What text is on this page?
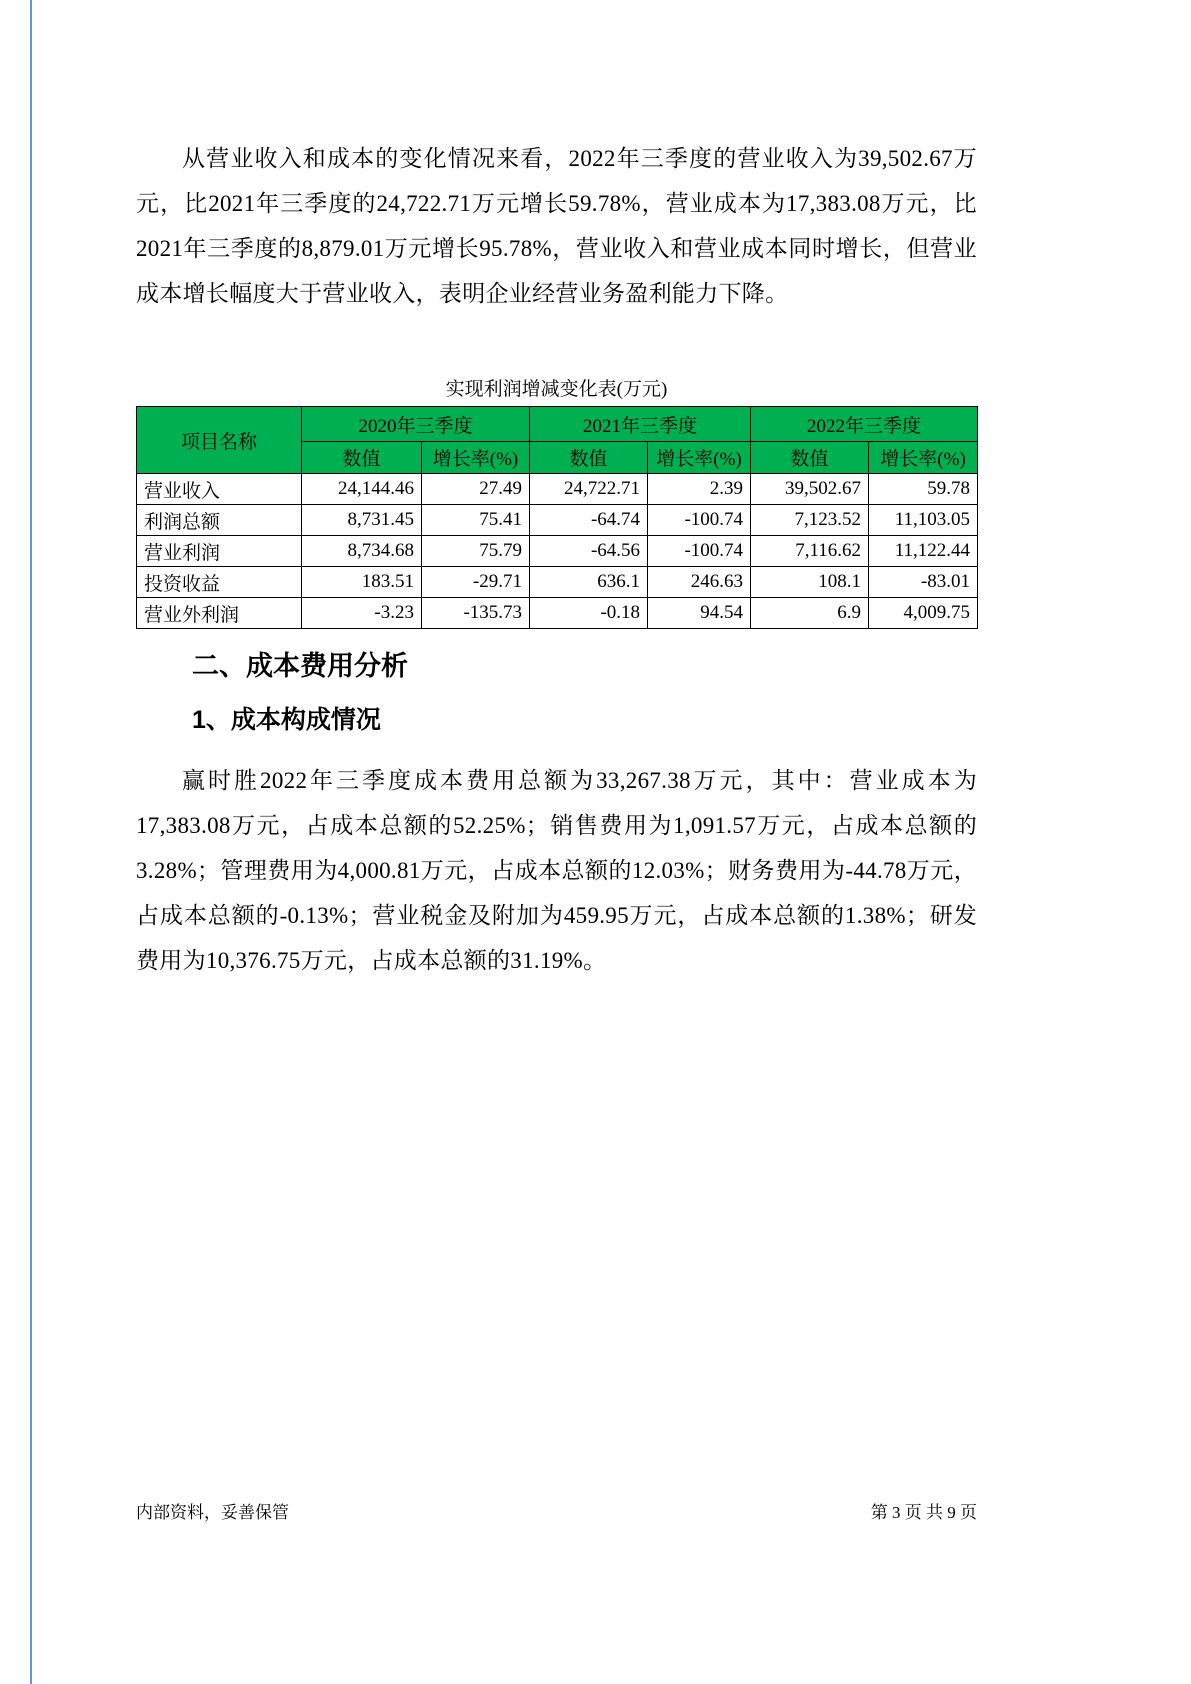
从营业收入和成本的变化情况来看，2022年三季度的营业收入为39,502.67万元，比2021年三季度的24,722.71万元增长59.78%，营业成本为17,383.08万元，比2021年三季度的8,879.01万元增长95.78%，营业收入和营业成本同时增长，但营业成本增长幅度大于营业收入，表明企业经营业务盈利能力下降。

实现利润增减变化表(万元)
项目名称	2020年三季度		2021年三季度		2022年三季度	
	数值	增长率(%)	数值	增长率(%)	数值	增长率(%)
营业收入	24,144.46	27.49	24,722.71	2.39	39,502.67	59.78
利润总额	8,731.45	75.41	-64.74	-100.74	7,123.52	11,103.05
营业利润	8,734.68	75.79	-64.56	-100.74	7,116.62	11,122.44
投资收益	183.51	-29.71	636.1	246.63	108.1	-83.01
营业外利润	-3.23	-135.73	-0.18	94.54	6.9	4,009.75
二、成本费用分析
1、成本构成情况

赢时胜2022年三季度成本费用总额为33,267.38万元，其中：营业成本为17,383.08万元，占成本总额的52.25%；销售费用为1,091.57万元，占成本总额的3.28%；管理费用为4,000.81万元，占成本总额的12.03%；财务费用为-44.78万元，占成本总额的-0.13%；营业税金及附加为459.95万元，占成本总额的1.38%；研发费用为10,376.75万元，占成本总额的31.19%。

内部资料，妥善保管	第 3 页 共 9 页
